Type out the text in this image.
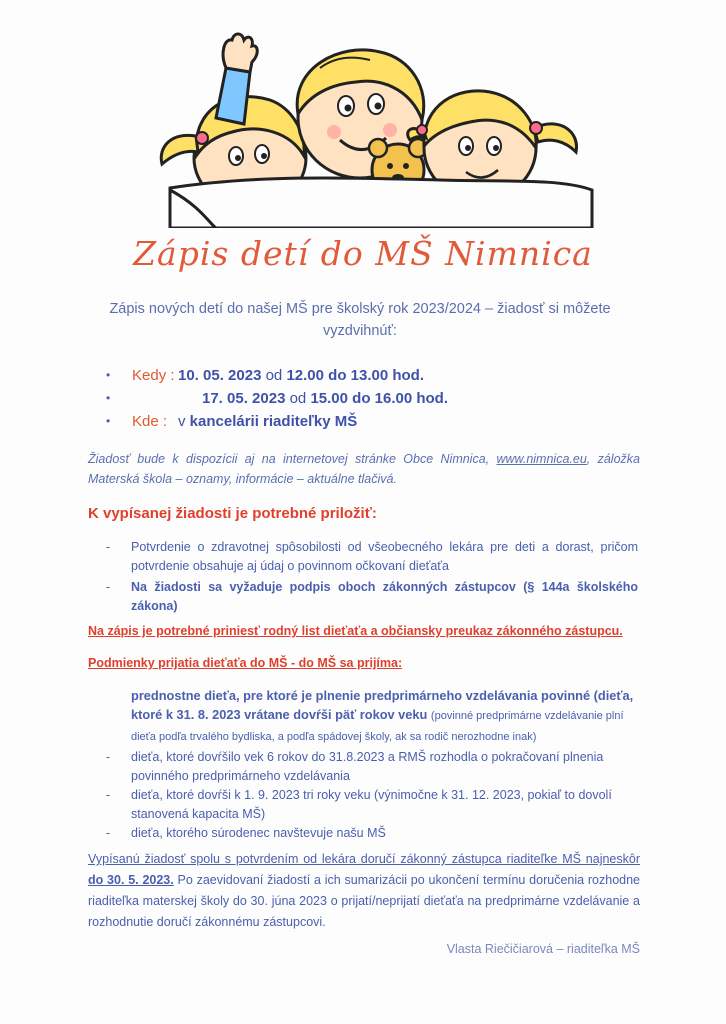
Zápis detí do MŠ Nimnica
Zápis nových detí do našej MŠ pre školský rok 2023/2024 – žiadosť si môžete vyzdvihnúť:
• Kedy : 10. 05. 2023 od 12.00 do 13.00 hod.
•	17. 05. 2023 od 15.00 do 16.00 hod.
• Kde : v kancelárii riaditeľky MŠ
Žiadosť bude k dispozícii aj na internetovej stránke Obce Nimnica, www.nimnica.eu, záložka Materská škola – oznamy, informácie – aktuálne tlačivá.
K vypísanej žiadosti je potrebné priložiť:
- Potvrdenie o zdravotnej spôsobilosti od všeobecného lekára pre deti a dorast, pričom potvrdenie obsahuje aj údaj o povinnom očkovaní dieťaťa
- Na žiadosti sa vyžaduje podpis oboch zákonných zástupcov (§ 144a školského zákona)
Na zápis je potrebné priniesť rodný list dieťaťa a občiansky preukaz zákonného zástupcu.
Podmienky prijatia dieťaťa do MŠ - do MŠ sa prijíma:
prednostne dieťa, pre ktoré je plnenie predprimárneho vzdelávania povinné (dieťa, ktoré k 31. 8. 2023 vrátane dovŕši päť rokov veku (povinné predprimárne vzdelávanie plní dieťa podľa trvalého bydliska, a podľa spádovej školy, ak sa rodič nerozhodne inak)
- dieťa, ktoré dovŕšilo vek 6 rokov do 31.8.2023 a RMŠ rozhodla o pokračovaní plnenia povinného predprimárneho vzdelávania
- dieťa, ktoré dovŕši k 1. 9. 2023 tri roky veku (výnimočne k 31. 12. 2023, pokiaľ to dovolí stanovená kapacita MŠ)
- dieťa, ktorého súrodenec navštevuje našu MŠ
Vypísanú žiadosť spolu s potvrdením od lekára doručí zákonný zástupca riaditeľke MŠ najneskôr do 30. 5. 2023. Po zaevidovaní žiadostí a ich sumarizácii po ukončení termínu doručenia rozhodne riaditeľka materskej školy do 30. júna 2023 o prijatí/neprijatí dieťaťa na predprimárne vzdelávanie a rozhodnutie doručí zákonnému zástupcovi.
Vlasta Riečičiarová – riaditeľka MŠ
